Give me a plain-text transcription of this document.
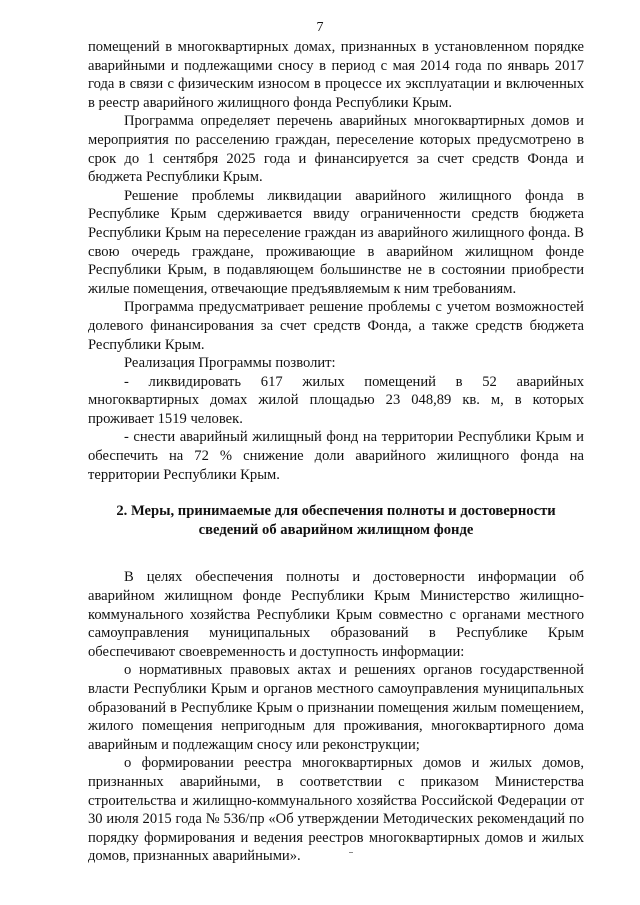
7

помещений в многоквартирных домах, признанных в установленном порядке аварийными и подлежащими сносу в период с мая 2014 года по январь 2017 года в связи с физическим износом в процессе их эксплуатации и включенных в реестр аварийного жилищного фонда Республики Крым.

Программа определяет перечень аварийных многоквартирных домов и мероприятия по расселению граждан, переселение которых предусмотрено в срок до 1 сентября 2025 года и финансируется за счет средств Фонда и бюджета Республики Крым.

Решение проблемы ликвидации аварийного жилищного фонда в Республике Крым сдерживается ввиду ограниченности средств бюджета Республики Крым на переселение граждан из аварийного жилищного фонда. В свою очередь граждане, проживающие в аварийном жилищном фонде Республики Крым, в подавляющем большинстве не в состоянии приобрести жилые помещения, отвечающие предъявляемым к ним требованиям.

Программа предусматривает решение проблемы с учетом возможностей долевого финансирования за счет средств Фонда, а также средств бюджета Республики Крым.

Реализация Программы позволит:

- ликвидировать 617 жилых помещений в 52 аварийных многоквартирных домах жилой площадью 23 048,89 кв. м, в которых проживает 1519 человек.

- снести аварийный жилищный фонд на территории Республики Крым и обеспечить на 72 % снижение доли аварийного жилищного фонда на территории Республики Крым.

2. Меры, принимаемые для обеспечения полноты и достоверности
сведений об аварийном жилищном фонде

В целях обеспечения полноты и достоверности информации об аварийном жилищном фонде Республики Крым Министерство жилищно-коммунального хозяйства Республики Крым совместно с органами местного самоуправления муниципальных образований в Республике Крым обеспечивают своевременность и доступность информации:

о нормативных правовых актах и решениях органов государственной власти Республики Крым и органов местного самоуправления муниципальных образований в Республике Крым о признании помещения жилым помещением, жилого помещения непригодным для проживания, многоквартирного дома аварийным и подлежащим сносу или реконструкции;

о формировании реестра многоквартирных домов и жилых домов, признанных аварийными, в соответствии с приказом Министерства строительства и жилищно-коммунального хозяйства Российской Федерации от 30 июля 2015 года № 536/пр «Об утверждении Методических рекомендаций по порядку формирования и ведения реестров многоквартирных домов и жилых домов, признанных аварийными».
